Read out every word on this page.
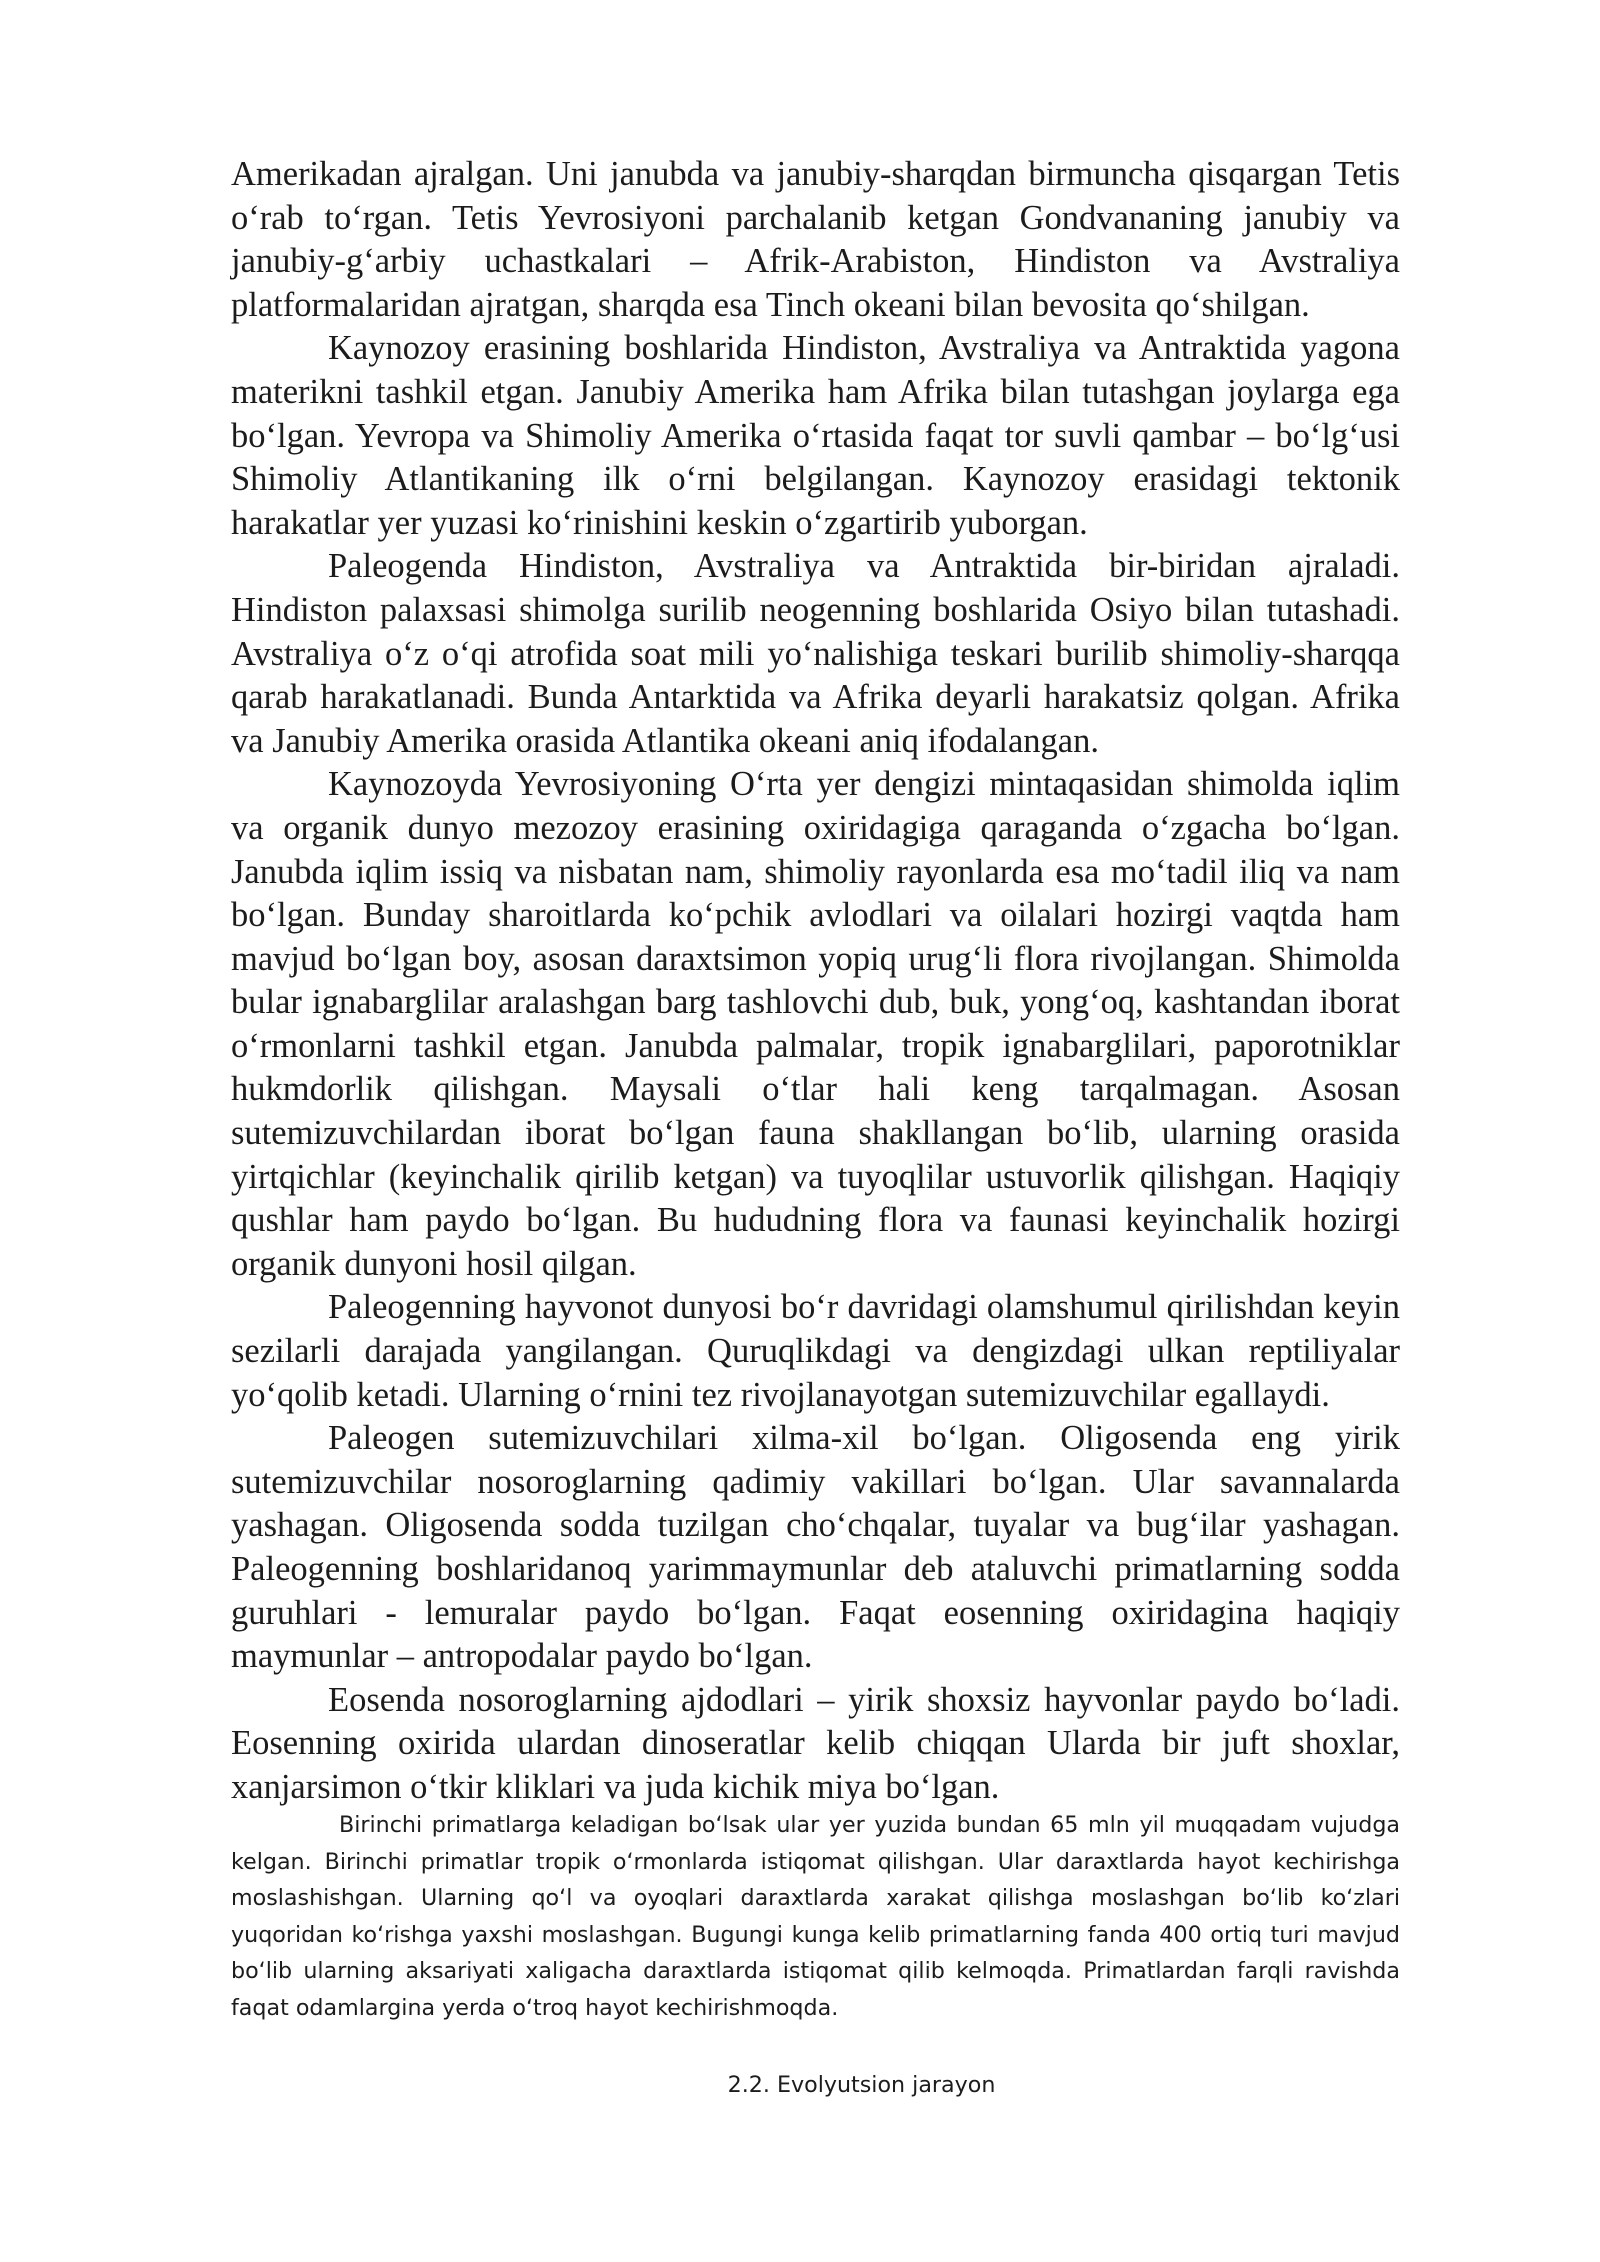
Amerikadan ajralgan. Uni janubda va janubiy-sharqdan birmuncha qisqargan Tetis o‘rab to‘rgan. Tetis Yevrosiyoni parchalanib ketgan Gondvananing janubiy va janubiy-g‘arbiy uchastkalari – Afrik-Arabiston, Hindiston va Avstraliya platformalaridan ajratgan, sharqda esa Tinch okeani bilan bevosita qo‘shilgan.

Kaynozoy erasining boshlarida Hindiston, Avstraliya va Antraktida yagona materikni tashkil etgan. Janubiy Amerika ham Afrika bilan tutashgan joylarga ega bo‘lgan. Yevropa va Shimoliy Amerika o‘rtasida faqat tor suvli qambar – bo‘lg‘usi Shimoliy Atlantikaning ilk o‘rni belgilangan. Kaynozoy erasidagi tektonik harakatlar yer yuzasi ko‘rinishini keskin o‘zgartirib yuborgan.

Paleogenda Hindiston, Avstraliya va Antraktida bir-biridan ajraladi. Hindiston palaxsasi shimolga surilib neogenning boshlarida Osiyo bilan tutashadi. Avstraliya o‘z o‘qi atrofida soat mili yo‘nalishiga teskari burilib shimoliy-sharqqa qarab harakatlanadi. Bunda Antarktida va Afrika deyarli harakatsiz qolgan. Afrika va Janubiy Amerika orasida Atlantika okeani aniq ifodalangan.

Kaynozoyda Yevrosiyoning O‘rta yer dengizi mintaqasidan shimolda iqlim va organik dunyo mezozoy erasining oxiridagiga qaraganda o‘zgacha bo‘lgan. Janubda iqlim issiq va nisbatan nam, shimoliy rayonlarda esa mo‘tadil iliq va nam bo‘lgan. Bunday sharoitlarda ko‘pchik avlodlari va oilalari hozirgi vaqtda ham mavjud bo‘lgan boy, asosan daraxtsimon yopiq urug‘li flora rivojlangan. Shimolda bular ignabarglilar aralashgan barg tashlovchi dub, buk, yong‘oq, kashtandan iborat o‘rmonlarni tashkil etgan. Janubda palmalar, tropik ignabarglilari, paporotniklar hukmdorlik qilishgan. Maysali o‘tlar hali keng tarqalmagan. Asosan sutemizuvchilardan iborat bo‘lgan fauna shakllangan bo‘lib, ularning orasida yirtqichlar (keyinchalik qirilib ketgan) va tuyoqlilar ustuvorlik qilishgan. Haqiqiy qushlar ham paydo bo‘lgan. Bu hududning flora va faunasi keyinchalik hozirgi organik dunyoni hosil qilgan.

Paleogenning hayvonot dunyosi bo‘r davridagi olamshumul qirilishdan keyin sezilarli darajada yangilangan. Quruqlikdagi va dengizdagi ulkan reptiliyalar yo‘qolib ketadi. Ularning o‘rnini tez rivojlanayotgan sutemizuvchilar egallaydi.

Paleogen sutemizuvchilari xilma-xil bo‘lgan. Oligosenda eng yirik sutemizuvchilar nosoroglarning qadimiy vakillari bo‘lgan. Ular savannalarda yashagan. Oligosenda sodda tuzilgan cho‘chqalar, tuyalar va bug‘ilar yashagan. Paleogenning boshlaridanoq yarimmaymunlar deb ataluvchi primatlarning sodda guruhlari - lemuralar paydo bo‘lgan. Faqat eosenning oxiridagina haqiqiy maymunlar – antropodalar paydo bo‘lgan.

Eosenda nosoroglarning ajdodlari – yirik shoxsiz hayvonlar paydo bo‘ladi. Eosenning oxirida ulardan dinoseratlar kelib chiqqan Ularda bir juft shoxlar, xanjarsimon o‘tkir kliklari va juda kichik miya bo‘lgan.

Birinchi primatlarga keladigan bo‘lsak ular yer yuzida bundan 65 mln yil muqqadam vujudga kelgan. Birinchi primatlar tropik o‘rmonlarda istiqomat qilishgan. Ular daraxtlarda hayot kechirishga moslashishgan. Ularning qo‘l va oyoqlari daraxtlarda xarakat qilishga moslashgan bo‘lib ko‘zlari yuqoridan ko‘rishga yaxshi moslashgan. Bugungi kunga kelib primatlarning fanda 400 ortiq turi mavjud bo‘lib ularning aksariyati xaligacha daraxtlarda istiqomat qilib kelmoqda. Primatlardan farqli ravishda faqat odamlargina yerda o‘troq hayot kechirishmoqda.

2.2. Evolyutsion jarayon
